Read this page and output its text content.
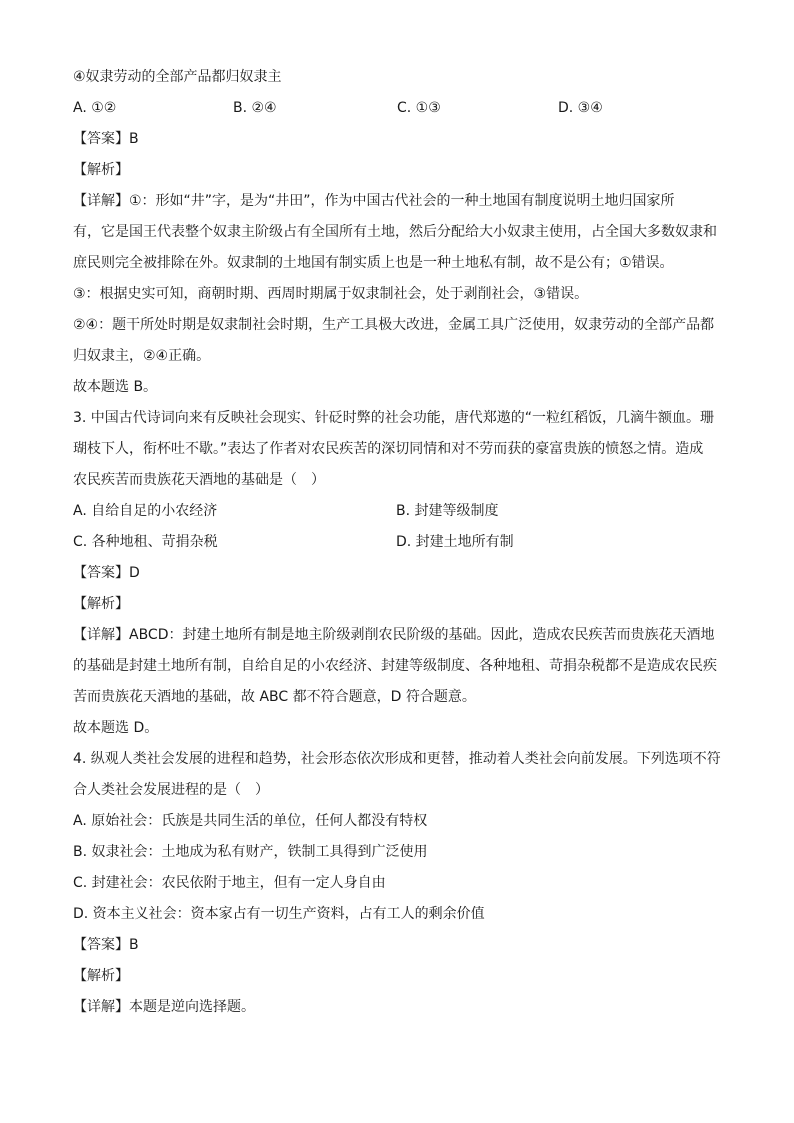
④奴隶劳动的全部产品都归奴隶主
A. ①②	B. ②④	C. ①③	D. ③④
【答案】B
【解析】
【详解】①：形如“井”字，是为“井田”，作为中国古代社会的一种土地国有制度说明土地归国家所
有，它是国王代表整个奴隶主阶级占有全国所有土地，然后分配给大小奴隶主使用，占全国大多数奴隶和
庶民则完全被排除在外。奴隶制的土地国有制实质上也是一种土地私有制，故不是公有；①错误。
③：根据史实可知，商朝时期、西周时期属于奴隶制社会，处于剥削社会，③错误。
②④：题干所处时期是奴隶制社会时期，生产工具极大改进，金属工具广泛使用，奴隶劳动的全部产品都
归奴隶主，②④正确。
故本题选 B。
3. 中国古代诗词向来有反映社会现实、针砭时弊的社会功能，唐代郑遨的“一粒红稻饭，几滴牛额血。珊
瑚枝下人，衔杯吐不歇。”表达了作者对农民疾苦的深切同情和对不劳而获的豪富贵族的愤怒之情。造成
农民疾苦而贵族花天酒地的基础是（　）
A. 自给自足的小农经济	B. 封建等级制度
C. 各种地租、苛捐杂税	D. 封建土地所有制
【答案】D
【解析】
【详解】ABCD：封建土地所有制是地主阶级剥削农民阶级的基础。因此，造成农民疾苦而贵族花天酒地
的基础是封建土地所有制，自给自足的小农经济、封建等级制度、各种地租、苛捐杂税都不是造成农民疾
苦而贵族花天酒地的基础，故 ABC 都不符合题意，D 符合题意。
故本题选 D。
4. 纵观人类社会发展的进程和趋势，社会形态依次形成和更替，推动着人类社会向前发展。下列选项不符
合人类社会发展进程的是（　）
A. 原始社会：氏族是共同生活的单位，任何人都没有特权
B. 奴隶社会：土地成为私有财产，铁制工具得到广泛使用
C. 封建社会：农民依附于地主，但有一定人身自由
D. 资本主义社会：资本家占有一切生产资料，占有工人的剩余价值
【答案】B
【解析】
【详解】本题是逆向选择题。
